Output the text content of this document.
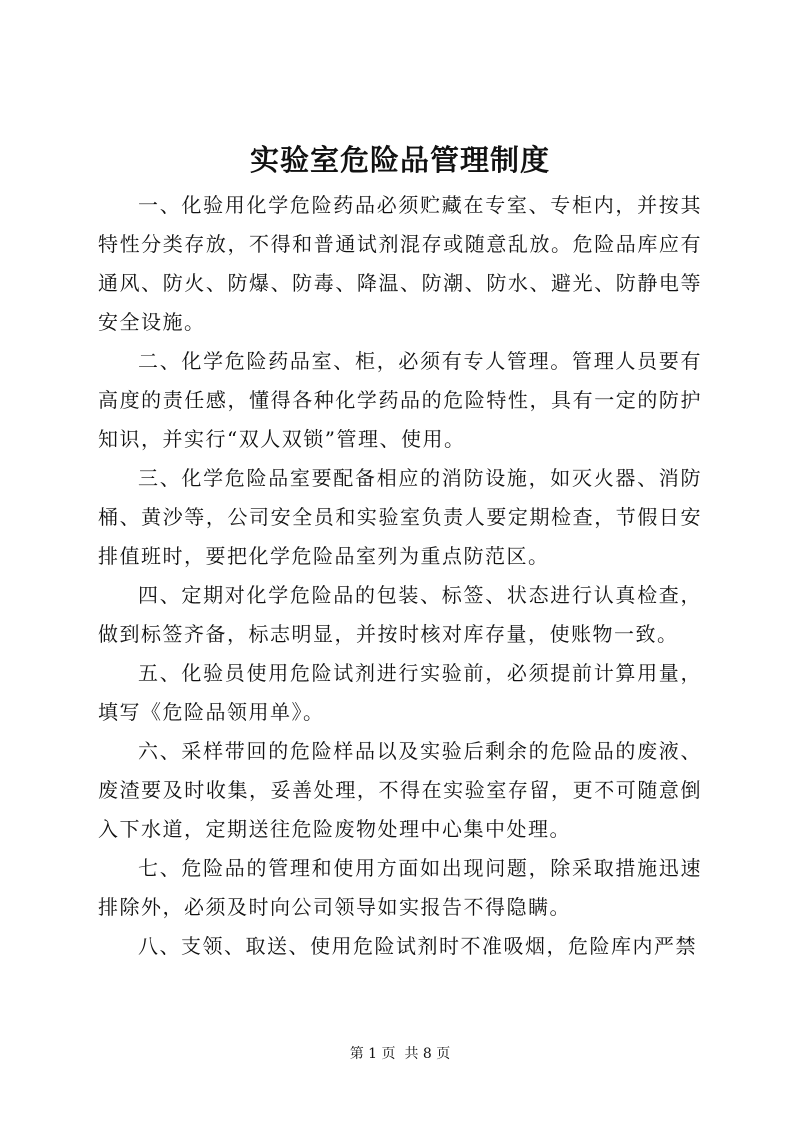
实验室危险品管理制度

一、化验用化学危险药品必须贮藏在专室、专柜内，并按其特性分类存放，不得和普通试剂混存或随意乱放。危险品库应有通风、防火、防爆、防毒、降温、防潮、防水、避光、防静电等安全设施。

二、化学危险药品室、柜，必须有专人管理。管理人员要有高度的责任感，懂得各种化学药品的危险特性，具有一定的防护知识，并实行“双人双锁”管理、使用。

三、化学危险品室要配备相应的消防设施，如灭火器、消防桶、黄沙等，公司安全员和实验室负责人要定期检查，节假日安排值班时，要把化学危险品室列为重点防范区。

四、定期对化学危险品的包装、标签、状态进行认真检查，做到标签齐备，标志明显，并按时核对库存量，使账物一致。

五、化验员使用危险试剂进行实验前，必须提前计算用量，填写《危险品领用单》。

六、采样带回的危险样品以及实验后剩余的危险品的废液、废渣要及时收集，妥善处理，不得在实验室存留，更不可随意倒入下水道，定期送往危险废物处理中心集中处理。

七、危险品的管理和使用方面如出现问题，除采取措施迅速排除外，必须及时向公司领导如实报告不得隐瞒。

八、支领、取送、使用危险试剂时不准吸烟，危险库内严禁

第 1 页  共 8 页
